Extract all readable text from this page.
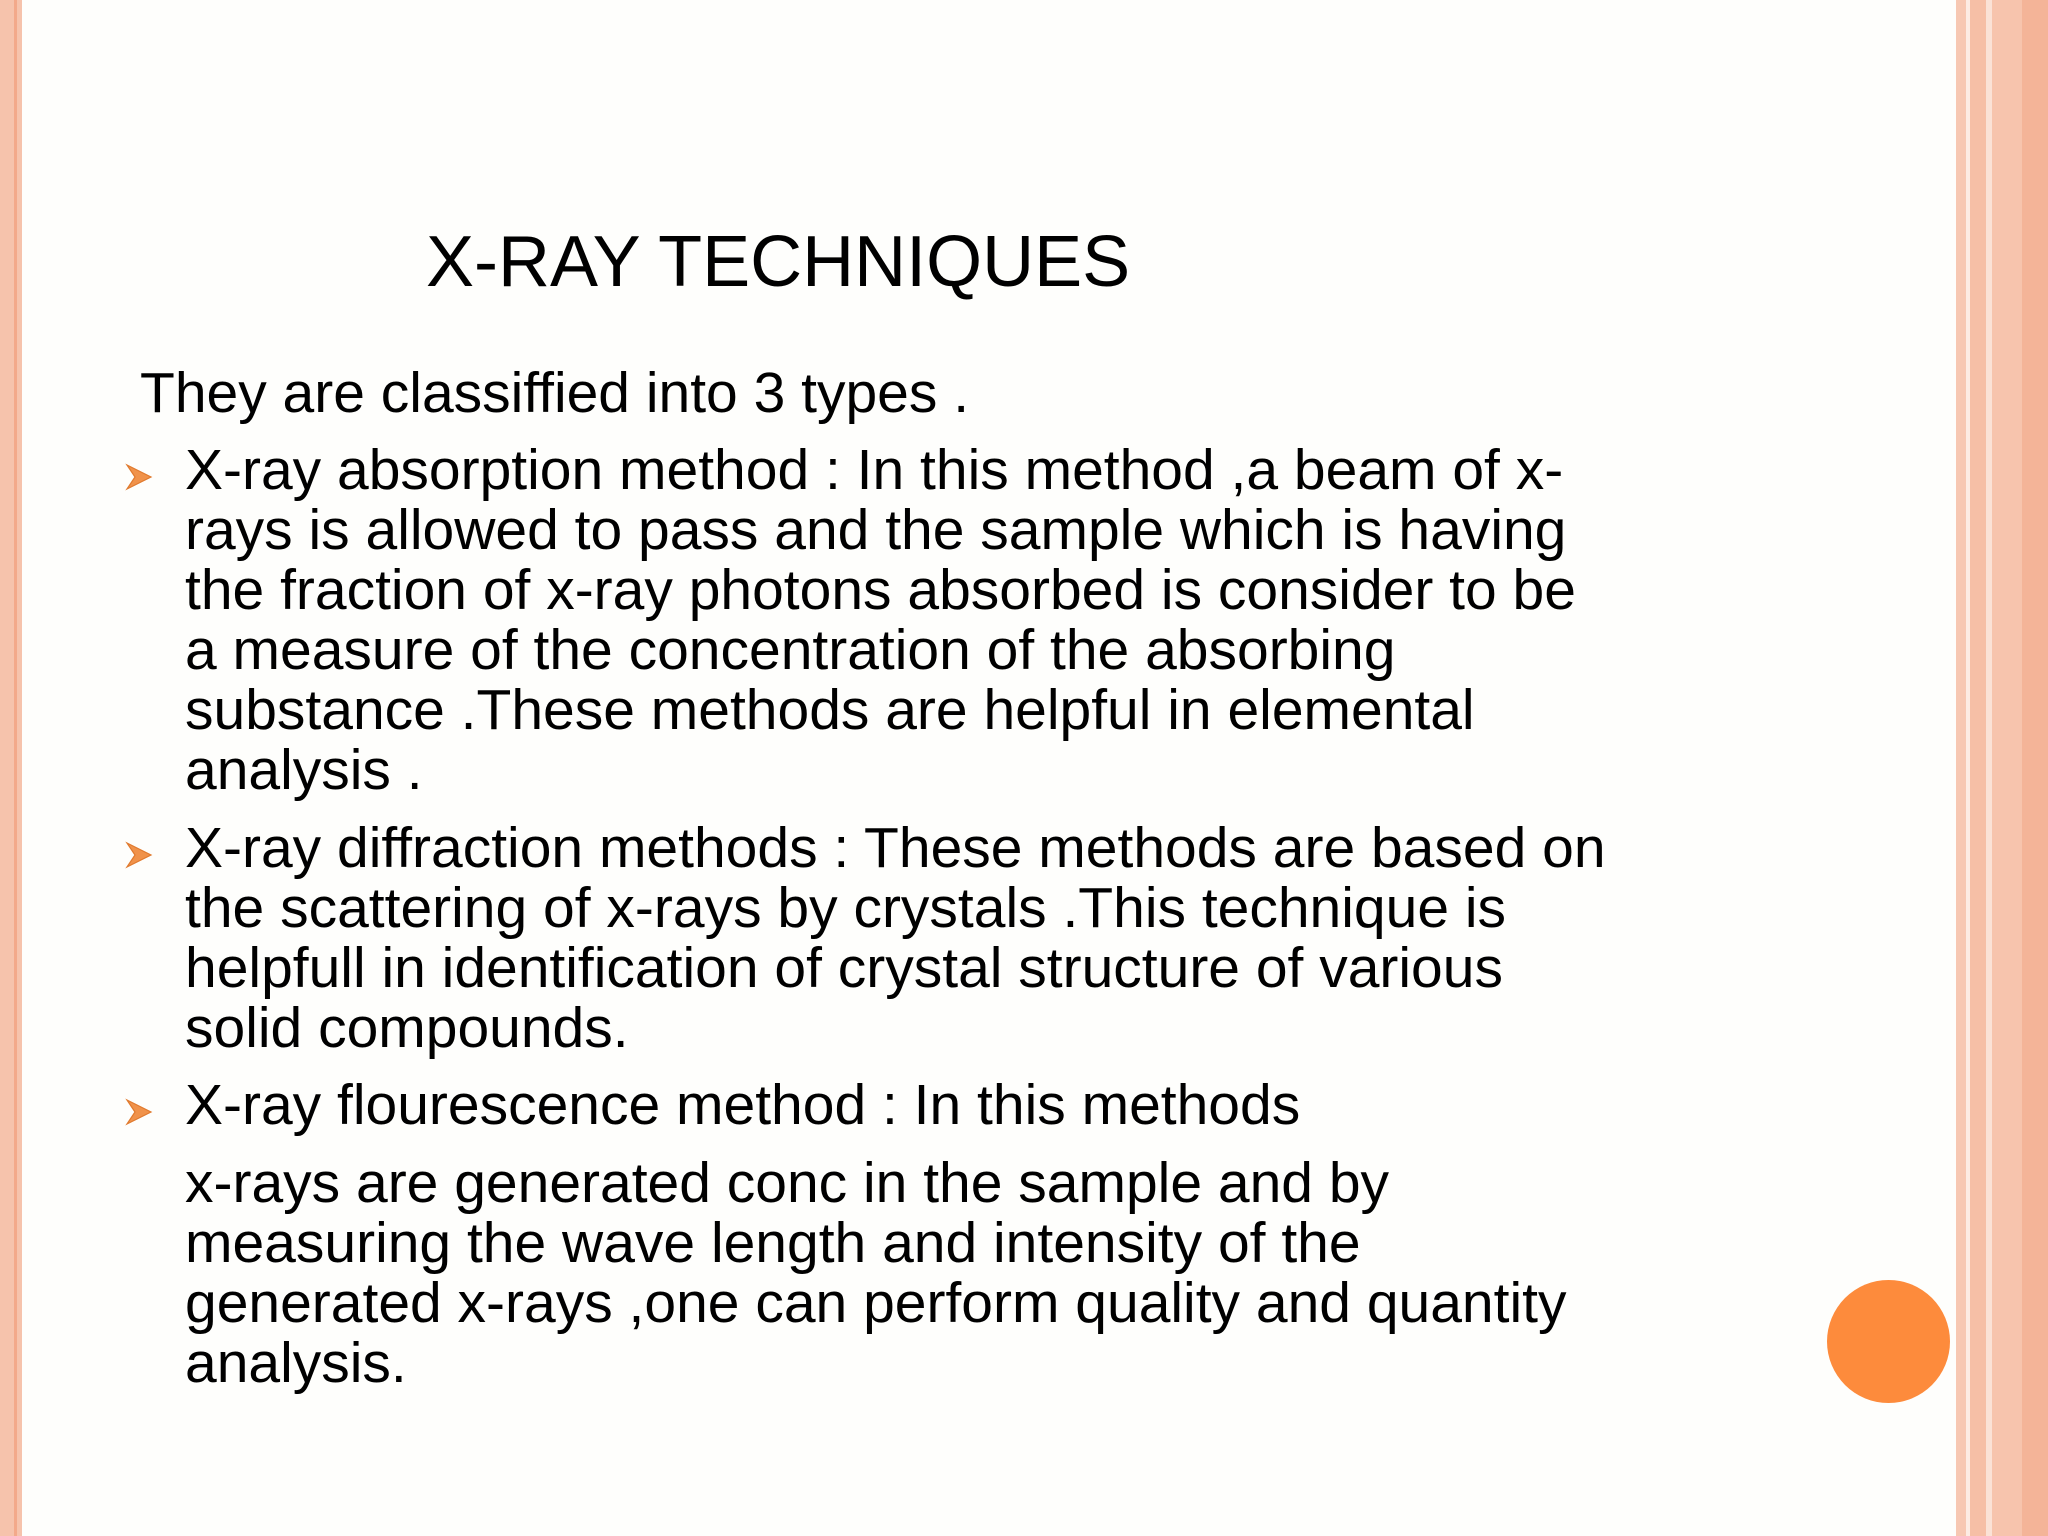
X-RAY TECHNIQUES
They are classiffied into 3 types .
X-ray absorption method : In this method ,a beam of x-
rays is allowed to pass and the sample which is having
the fraction of x-ray photons absorbed is consider to be
a measure of the concentration of the absorbing
substance .These methods are helpful in elemental
analysis .
X-ray diffraction methods : These methods are based on
the scattering of x-rays by crystals .This technique is
helpfull in identification of crystal structure of various
solid compounds.
X-ray flourescence method : In this methods
x-rays are generated conc in the sample and by
measuring the wave length and intensity of the
generated x-rays ,one can perform quality and quantity
analysis.
